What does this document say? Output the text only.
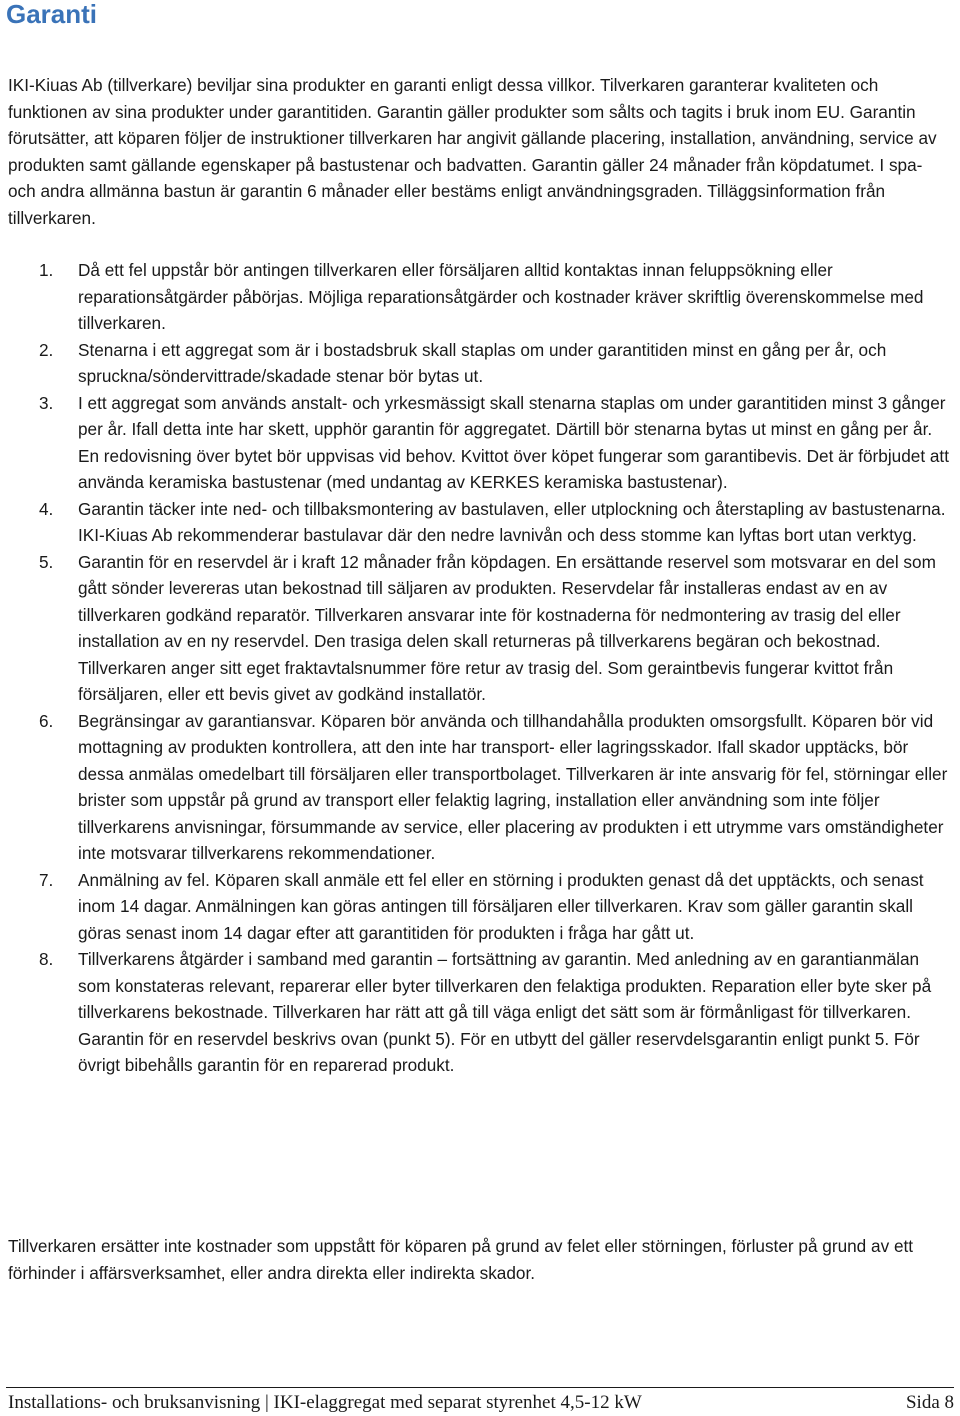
Garanti

IKI-Kiuas Ab (tillverkare) beviljar sina produkter en garanti enligt dessa villkor. Tilverkaren garanterar kvaliteten och funktionen av sina produkter under garantitiden. Garantin gäller produkter som sålts och tagits i bruk inom EU. Garantin förutsätter, att köparen följer de instruktioner tillverkaren har angivit gällande placering, installation, användning, service av produkten samt gällande egenskaper på bastustenar och badvatten. Garantin gäller 24 månader från köpdatumet. I spa- och andra allmänna bastun är garantin 6 månader eller bestäms enligt användningsgraden. Tilläggsinformation från tillverkaren.

1. Då ett fel uppstår bör antingen tillverkaren eller försäljaren alltid kontaktas innan feluppsökning eller reparationsåtgärder påbörjas. Möjliga reparationsåtgärder och kostnader kräver skriftlig överenskommelse med tillverkaren.
2. Stenarna i ett aggregat som är i bostadsbruk skall staplas om under garantitiden minst en gång per år, och spruckna/söndervittrade/skadade stenar bör bytas ut.
3. I ett aggregat som används anstalt- och yrkesmässigt skall stenarna staplas om under garantitiden minst 3 gånger per år. Ifall detta inte har skett, upphör garantin för aggregatet. Därtill bör stenarna bytas ut minst en gång per år. En redovisning över bytet bör uppvisas vid behov. Kvittot över köpet fungerar som garantibevis. Det är förbjudet att använda keramiska bastustenar (med undantag av KERKES keramiska bastustenar).
4. Garantin täcker inte ned- och tillbaksmontering av bastulaven, eller utplockning och återstapling av bastustenarna. IKI-Kiuas Ab rekommenderar bastulavar där den nedre lavnivån och dess stomme kan lyftas bort utan verktyg.
5. Garantin för en reservdel är i kraft 12 månader från köpdagen. En ersättande reservel som motsvarar en del som gått sönder levereras utan bekostnad till säljaren av produkten. Reservdelar får installeras endast av en av tillverkaren godkänd reparatör. Tillverkaren ansvarar inte för kostnaderna för nedmontering av trasig del eller installation av en ny reservdel. Den trasiga delen skall returneras på tillverkarens begäran och bekostnad. Tillverkaren anger sitt eget fraktavtalsnummer före retur av trasig del. Som geraintbevis fungerar kvittot från försäljaren, eller ett bevis givet av godkänd installatör.
6. Begränsingar av garantiansvar. Köparen bör använda och tillhandahålla produkten omsorgsfullt. Köparen bör vid mottagning av produkten kontrollera, att den inte har transport- eller lagringsskador. Ifall skador upptäcks, bör dessa anmälas omedelbart till försäljaren eller transportbolaget. Tillverkaren är inte ansvarig för fel, störningar eller brister som uppstår på grund av transport eller felaktig lagring, installation eller användning som inte följer tillverkarens anvisningar, försummande av service, eller placering av produkten i ett utrymme vars omständigheter inte motsvarar tillverkarens rekommendationer.
7. Anmälning av fel. Köparen skall anmäle ett fel eller en störning i produkten genast då det upptäckts, och senast inom 14 dagar. Anmälningen kan göras antingen till försäljaren eller tillverkaren. Krav som gäller garantin skall göras senast inom 14 dagar efter att garantitiden för produkten i fråga har gått ut.
8. Tillverkarens åtgärder i samband med garantin – fortsättning av garantin. Med anledning av en garantianmälan som konstateras relevant, reparerar eller byter tillverkaren den felaktiga produkten. Reparation eller byte sker på tillverkarens bekostnade. Tillverkaren har rätt att gå till väga enligt det sätt som är förmånligast för tillverkaren. Garantin för en reservdel beskrivs ovan (punkt 5). För en utbytt del gäller reservdelsgarantin enligt punkt 5. För övrigt bibehålls garantin för en reparerad produkt.

Tillverkaren ersätter inte kostnader som uppstått för köparen på grund av felet eller störningen, förluster på grund av ett förhinder i affärsverksamhet, eller andra direkta eller indirekta skador.

Installations- och bruksanvisning | IKI-elaggregat med separat styrenhet 4,5-12 kW	Sida 8
